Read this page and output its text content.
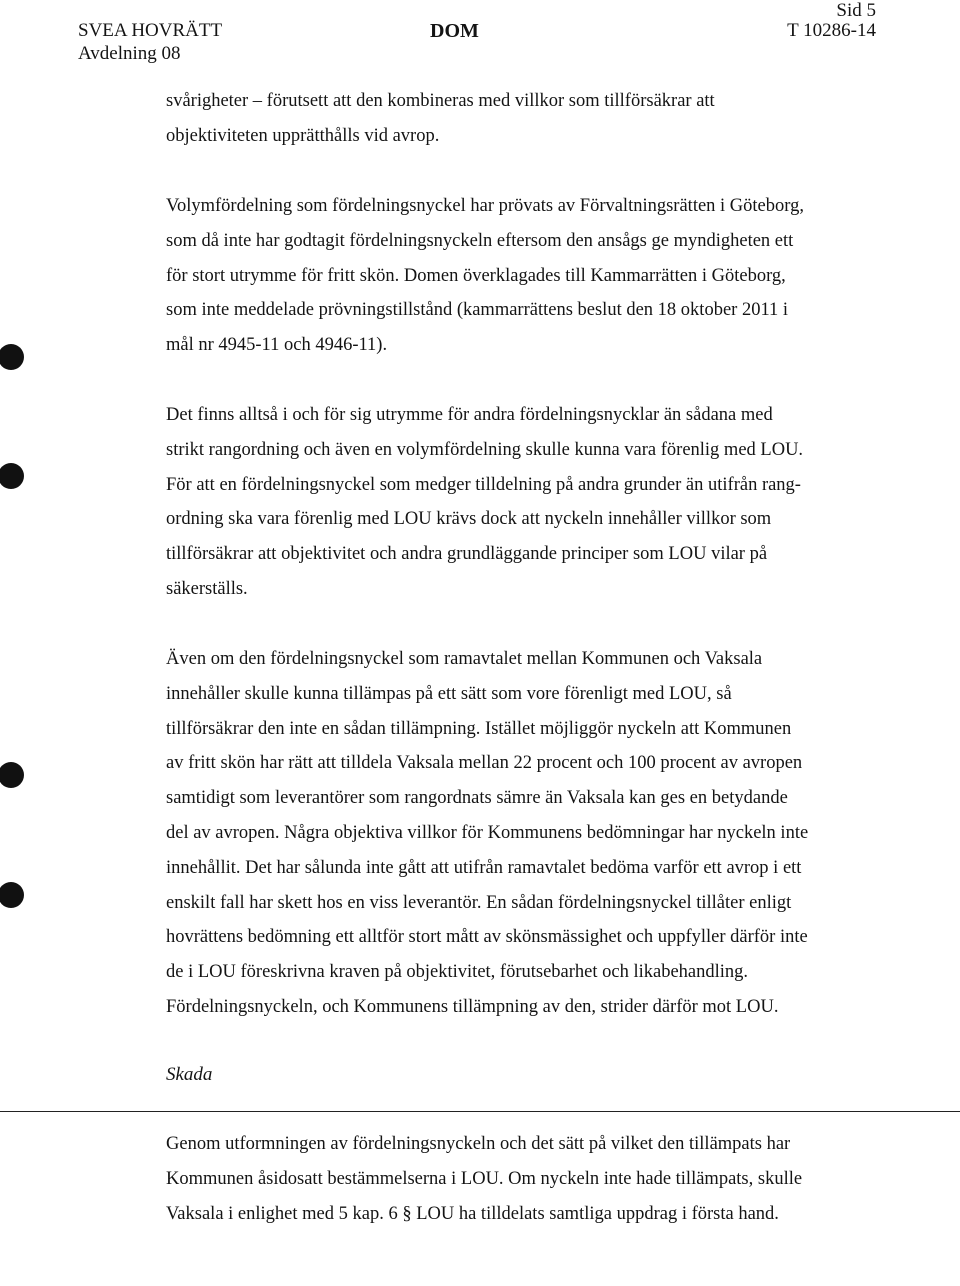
SVEA HOVRÄTT
Avdelning 08
DOM
Sid 5
T 10286-14

svårigheter – förutsett att den kombineras med villkor som tillförsäkrar att
objektiviteten upprätthålls vid avrop.

Volymfördelning som fördelningsnyckel har prövats av Förvaltningsrätten i Göteborg,
som då inte har godtagit fördelningsnyckeln eftersom den ansågs ge myndigheten ett
för stort utrymme för fritt skön. Domen överklagades till Kammarrätten i Göteborg,
som inte meddelade prövningstillstånd (kammarrättens beslut den 18 oktober 2011 i
mål nr 4945-11 och 4946-11).

Det finns alltså i och för sig utrymme för andra fördelningsnycklar än sådana med
strikt rangordning och även en volymfördelning skulle kunna vara förenlig med LOU.
För att en fördelningsnyckel som medger tilldelning på andra grunder än utifrån rang-
ordning ska vara förenlig med LOU krävs dock att nyckeln innehåller villkor som
tillförsäkrar att objektivitet och andra grundläggande principer som LOU vilar på
säkerställs.

Även om den fördelningsnyckel som ramavtalet mellan Kommunen och Vaksala
innehåller skulle kunna tillämpas på ett sätt som vore förenligt med LOU, så
tillförsäkrar den inte en sådan tillämpning. Istället möjliggör nyckeln att Kommunen
av fritt skön har rätt att tilldela Vaksala mellan 22 procent och 100 procent av avropen
samtidigt som leverantörer som rangordnats sämre än Vaksala kan ges en betydande
del av avropen. Några objektiva villkor för Kommunens bedömningar har nyckeln inte
innehållit. Det har sålunda inte gått att utifrån ramavtalet bedöma varför ett avrop i ett
enskilt fall har skett hos en viss leverantör. En sådan fördelningsnyckel tillåter enligt
hovrättens bedömning ett alltför stort mått av skönsmässighet och uppfyller därför inte
de i LOU föreskrivna kraven på objektivitet, förutsebarhet och likabehandling.
Fördelningsnyckeln, och Kommunens tillämpning av den, strider därför mot LOU.

Skada

Genom utformningen av fördelningsnyckeln och det sätt på vilket den tillämpats har
Kommunen åsidosatt bestämmelserna i LOU. Om nyckeln inte hade tillämpats, skulle
Vaksala i enlighet med 5 kap. 6 § LOU ha tilldelats samtliga uppdrag i första hand.
